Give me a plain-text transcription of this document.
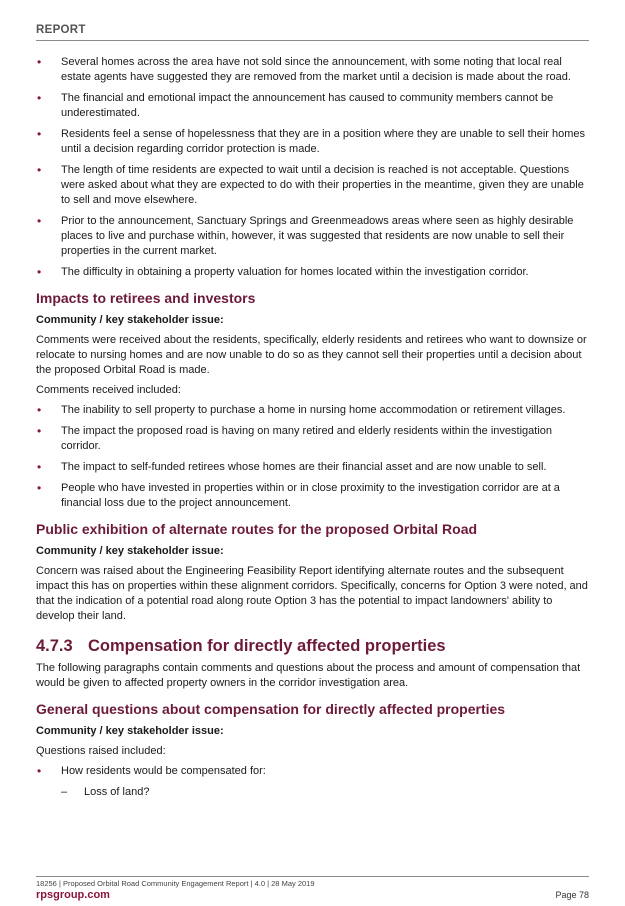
REPORT
• Several homes across the area have not sold since the announcement, with some noting that local real estate agents have suggested they are removed from the market until a decision is made about the road.
• The financial and emotional impact the announcement has caused to community members cannot be underestimated.
• Residents feel a sense of hopelessness that they are in a position where they are unable to sell their homes until a decision regarding corridor protection is made.
• The length of time residents are expected to wait until a decision is reached is not acceptable. Questions were asked about what they are expected to do with their properties in the meantime, given they are unable to sell and move elsewhere.
• Prior to the announcement, Sanctuary Springs and Greenmeadows areas where seen as highly desirable places to live and purchase within, however, it was suggested that residents are now unable to sell their properties in the current market.
• The difficulty in obtaining a property valuation for homes located within the investigation corridor.
Impacts to retirees and investors

Community / key stakeholder issue:

Comments were received about the residents, specifically, elderly residents and retirees who want to downsize or relocate to nursing homes and are now unable to do so as they cannot sell their properties until a decision about the proposed Orbital Road is made.

Comments received included:

• The inability to sell property to purchase a home in nursing home accommodation or retirement villages.
• The impact the proposed road is having on many retired and elderly residents within the investigation corridor.
• The impact to self-funded retirees whose homes are their financial asset and are now unable to sell.
• People who have invested in properties within or in close proximity to the investigation corridor are at a financial loss due to the project announcement.
Public exhibition of alternate routes for the proposed Orbital Road

Community / key stakeholder issue:

Concern was raised about the Engineering Feasibility Report identifying alternate routes and the subsequent impact this has on properties within these alignment corridors. Specifically, concerns for Option 3 were noted, and that the indication of a potential road along route Option 3 has the potential to impact landowners' ability to develop their land.

4.7.3 Compensation for directly affected properties

The following paragraphs contain comments and questions about the process and amount of compensation that would be given to affected property owners in the corridor investigation area.

General questions about compensation for directly affected properties

Community / key stakeholder issue:

Questions raised included:

• How residents would be compensated for:
– Loss of land?
18256 | Proposed Orbital Road Community Engagement Report | 4.0 | 28 May 2019
rpsgroup.com	Page 78
